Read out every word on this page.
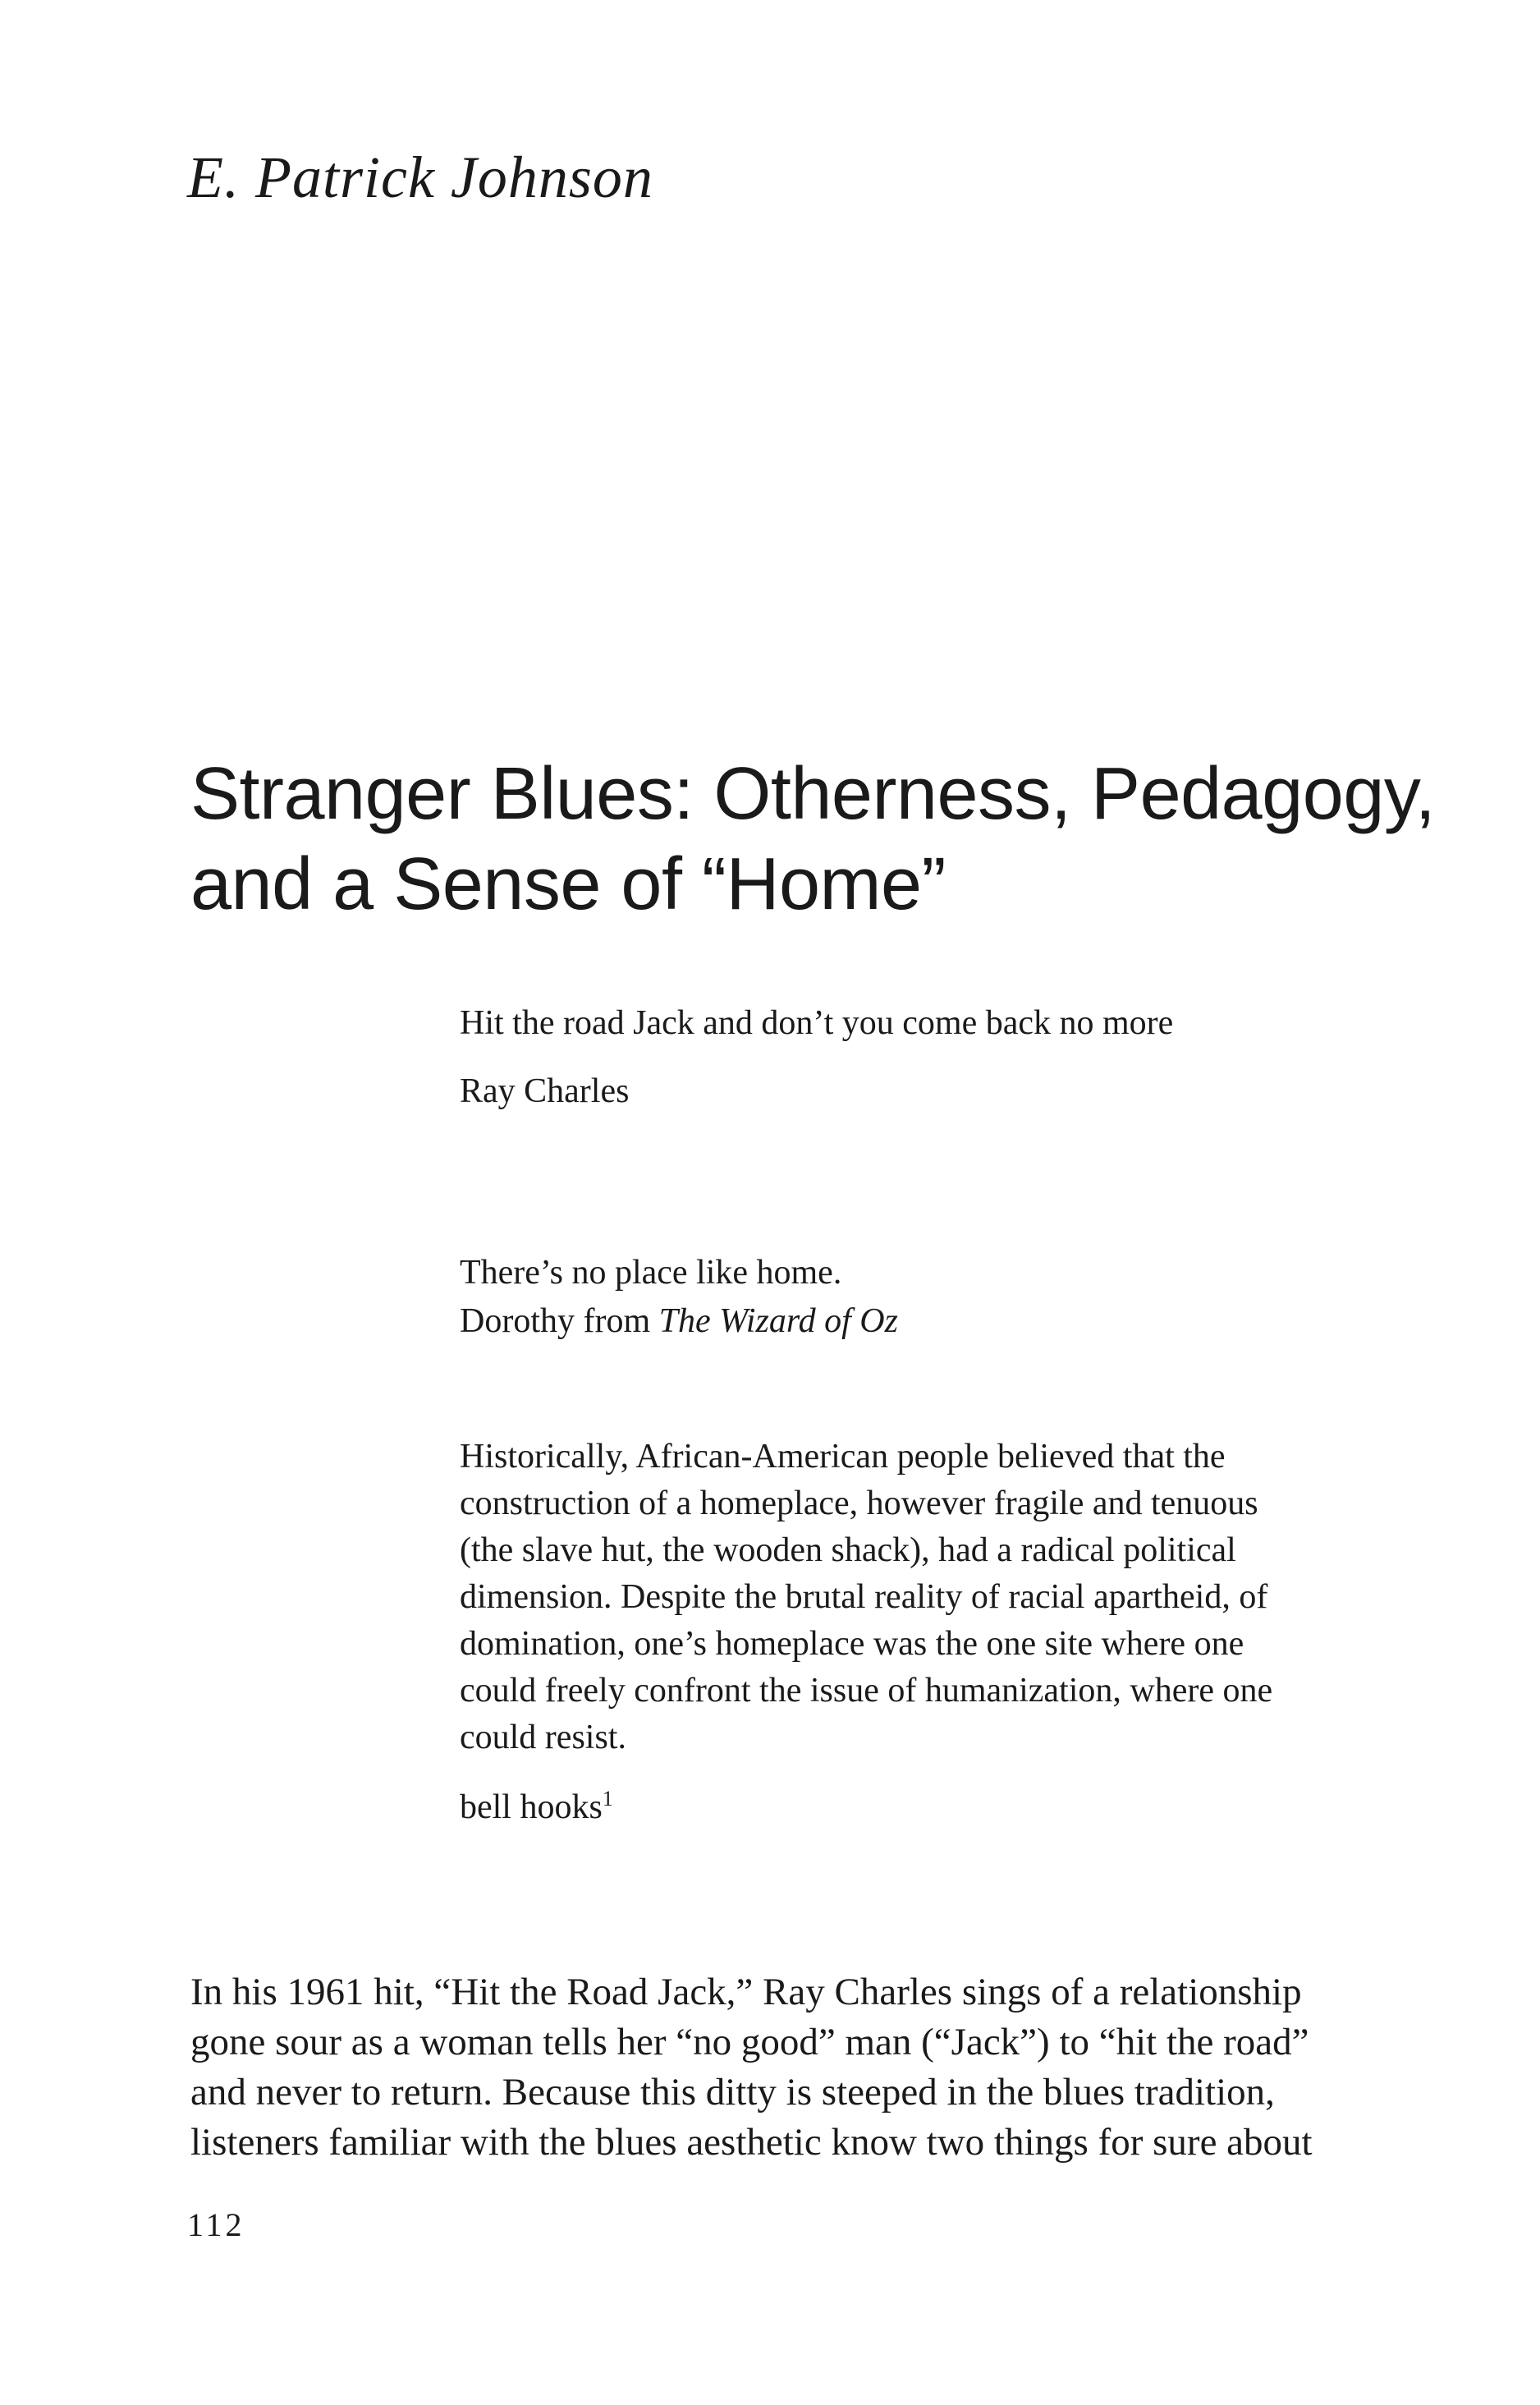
E. Patrick Johnson
Stranger Blues: Otherness, Pedagogy,
and a Sense of “Home”
Hit the road Jack and don’t you come back no more
Ray Charles
There’s no place like home.
Dorothy from The Wizard of Oz
Historically, African-American people believed that the
construction of a homeplace, however fragile and tenuous
(the slave hut, the wooden shack), had a radical political
dimension. Despite the brutal reality of racial apartheid, of
domination, one’s homeplace was the one site where one
could freely confront the issue of humanization, where one
could resist.
bell hooks$^1$
In his 1961 hit, “Hit the Road Jack,” Ray Charles sings of a relationship
gone sour as a woman tells her “no good” man (“Jack”) to “hit the road”
and never to return. Because this ditty is steeped in the blues tradition,
listeners familiar with the blues aesthetic know two things for sure about
112
